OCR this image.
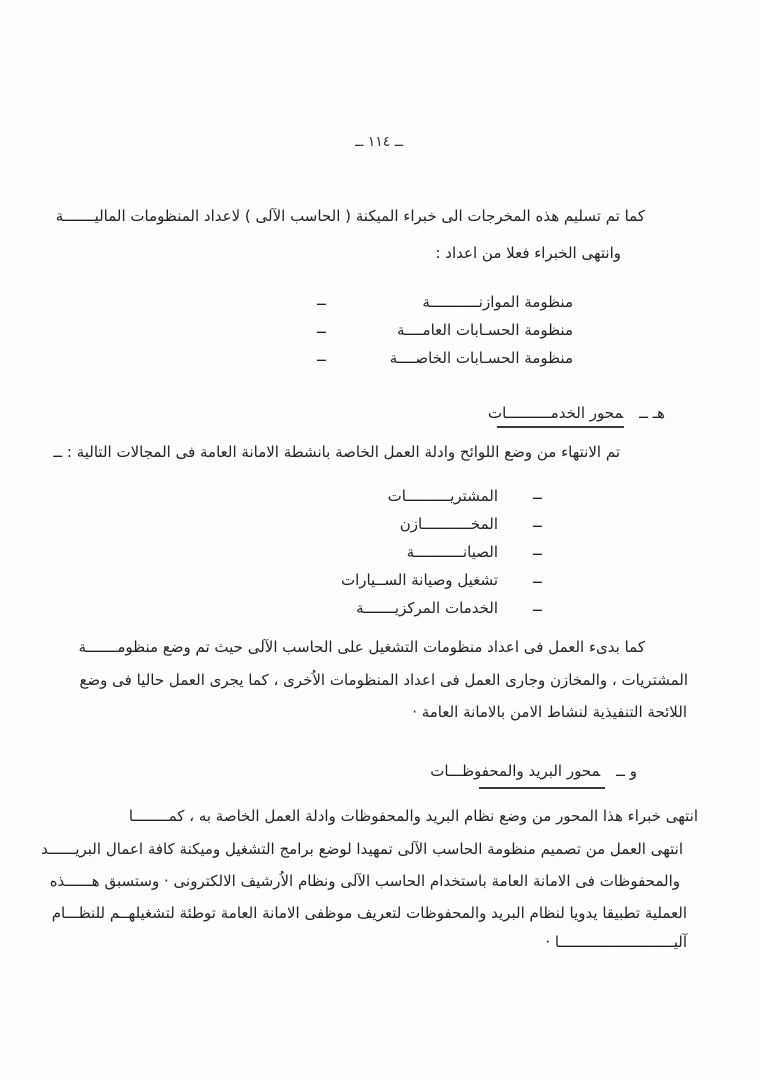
ــ ١١٤ ــ
كما تم تسليم هذه المخرجات الى خبراء الميكنة ( الحاسب الآلى ) لاعداد المنظومات الماليـــــــة
وانتهى الخبراء فعلا من اعداد :
منظومة الموازنـــــــــــة
ــ
منظومة الحسـابات العامــــة
ــ
منظومة الحسـابات الخاصــــة
ــ
هـ ــمحور الخدمــــــــــات
تم الانتهاء من وضع اللوائح وادلة العمل الخاصة بانشطة الامانة العامة فى المجالات التالية : ــ
ــ
المشتريــــــــــات
ــ
المخـــــــــــازن
ــ
الصيانـــــــــــة
ــ
تشغيل وصيانة الســيارات
ــ
الخدمات المركزيـــــــة
كما بدىء العمل فى اعداد منظومات التشغيل على الحاسب الآلى حيث تم وضع منظومـــــــة
المشتريات ، والمخازن وجارى العمل فى اعداد المنظومات الاُخرى ، كما يجرى العمل حاليا فى وضع
اللائحة التنفيذية لنشاط الامن بالامانة العامة ·
و ــمحور البريد والمحفوظـــات
انتهى خبراء هذا المحور من وضع نظام البريد والمحفوظات وادلة العمل الخاصة به ، كمــــــــا
انتهى العمل من تصميم منظومة الحاسب الآلى تمهيدا لوضع برامج التشغيل وميكنة كافة اعمال البريــــــد
والمحفوظات فى الامانة العامة باستخدام الحاسب الآلى ونظام الاُرشيف الالكترونى · وستسبق هــــــذه
العملية تطبيقا يدويا لنظام البريد والمحفوظات لتعريف موظفى الامانة العامة توطئة لتشغيلهــم للنظـــام
آليــــــــــــــــــــــــــا ·
